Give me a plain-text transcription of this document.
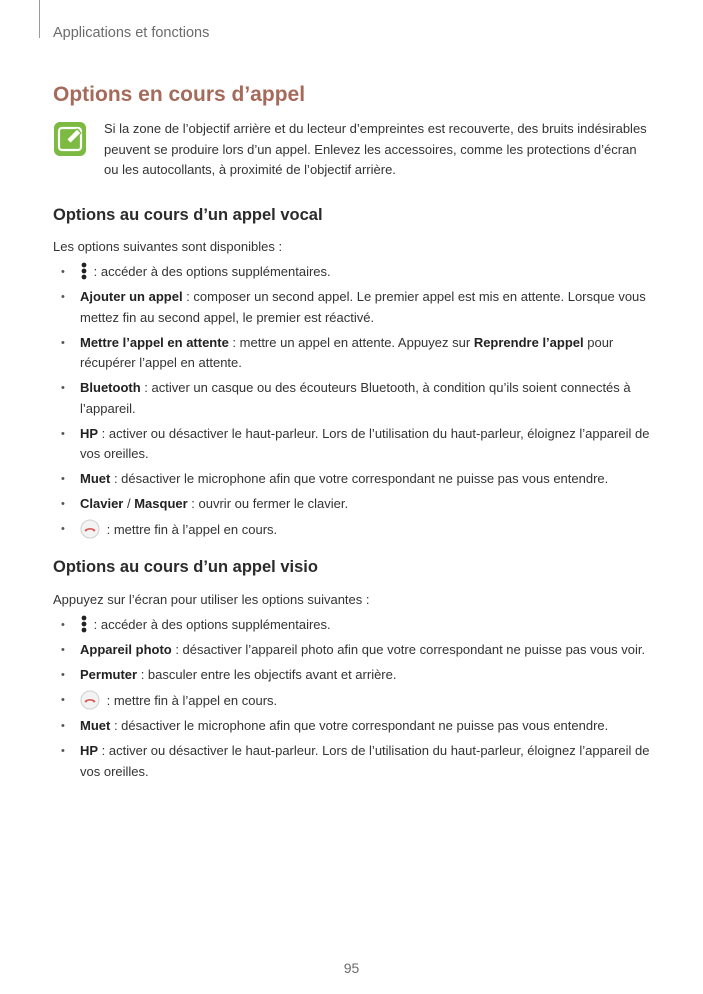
Applications et fonctions
Options en cours d’appel
Si la zone de l’objectif arrière et du lecteur d’empreintes est recouverte, des bruits indésirables peuvent se produire lors d’un appel. Enlevez les accessoires, comme les protections d’écran ou les autocollants, à proximité de l’objectif arrière.
Options au cours d’un appel vocal
Les options suivantes sont disponibles :
• : accéder à des options supplémentaires.
• Ajouter un appel : composer un second appel. Le premier appel est mis en attente. Lorsque vous mettez fin au second appel, le premier est réactivé.
• Mettre l’appel en attente : mettre un appel en attente. Appuyez sur Reprendre l’appel pour récupérer l’appel en attente.
• Bluetooth : activer un casque ou des écouteurs Bluetooth, à condition qu’ils soient connectés à l’appareil.
• HP : activer ou désactiver le haut-parleur. Lors de l’utilisation du haut-parleur, éloignez l’appareil de vos oreilles.
• Muet : désactiver le microphone afin que votre correspondant ne puisse pas vous entendre.
• Clavier / Masquer : ouvrir ou fermer le clavier.
•	: mettre fin à l’appel en cours.
Options au cours d’un appel visio
Appuyez sur l’écran pour utiliser les options suivantes :
• : accéder à des options supplémentaires.
• Appareil photo : désactiver l’appareil photo afin que votre correspondant ne puisse pas vous voir.
• Permuter : basculer entre les objectifs avant et arrière.
•	: mettre fin à l’appel en cours.
• Muet : désactiver le microphone afin que votre correspondant ne puisse pas vous entendre.
• HP : activer ou désactiver le haut-parleur. Lors de l’utilisation du haut-parleur, éloignez l’appareil de vos oreilles.
95
